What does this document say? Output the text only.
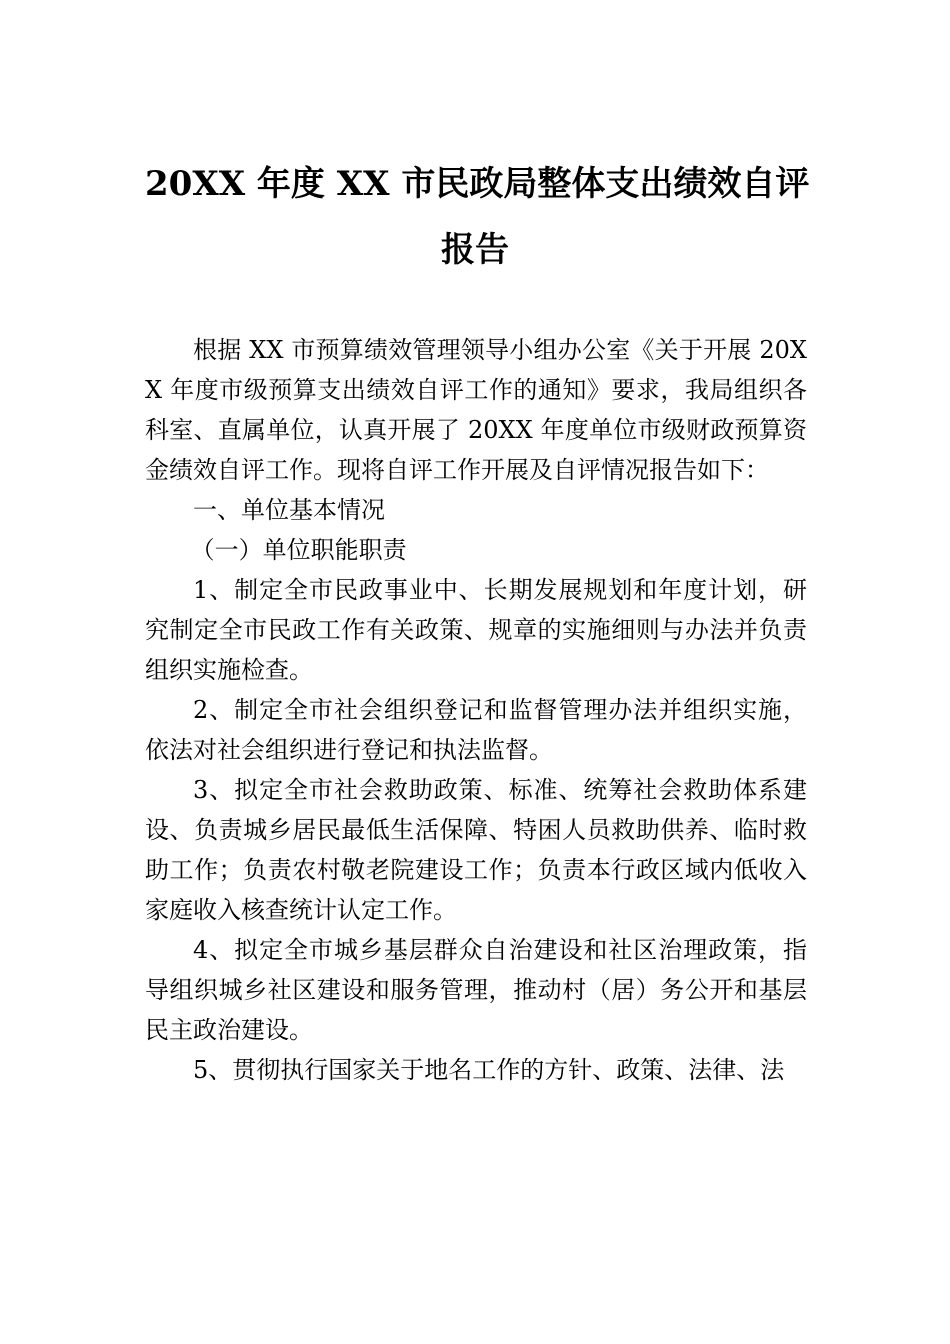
20XX 年度 XX 市民政局整体支出绩效自评
报告

根据 XX 市预算绩效管理领导小组办公室《关于开展 20XX 年度市级预算支出绩效自评工作的通知》要求，我局组织各科室、直属单位，认真开展了 20XX 年度单位市级财政预算资金绩效自评工作。现将自评工作开展及自评情况报告如下：

一、单位基本情况

（一）单位职能职责

1、制定全市民政事业中、长期发展规划和年度计划，研究制定全市民政工作有关政策、规章的实施细则与办法并负责组织实施检查。

2、制定全市社会组织登记和监督管理办法并组织实施，依法对社会组织进行登记和执法监督。

3、拟定全市社会救助政策、标准、统筹社会救助体系建设、负责城乡居民最低生活保障、特困人员救助供养、临时救助工作；负责农村敬老院建设工作；负责本行政区域内低收入家庭收入核查统计认定工作。

4、拟定全市城乡基层群众自治建设和社区治理政策，指导组织城乡社区建设和服务管理，推动村（居）务公开和基层民主政治建设。

5、贯彻执行国家关于地名工作的方针、政策、法律、法
